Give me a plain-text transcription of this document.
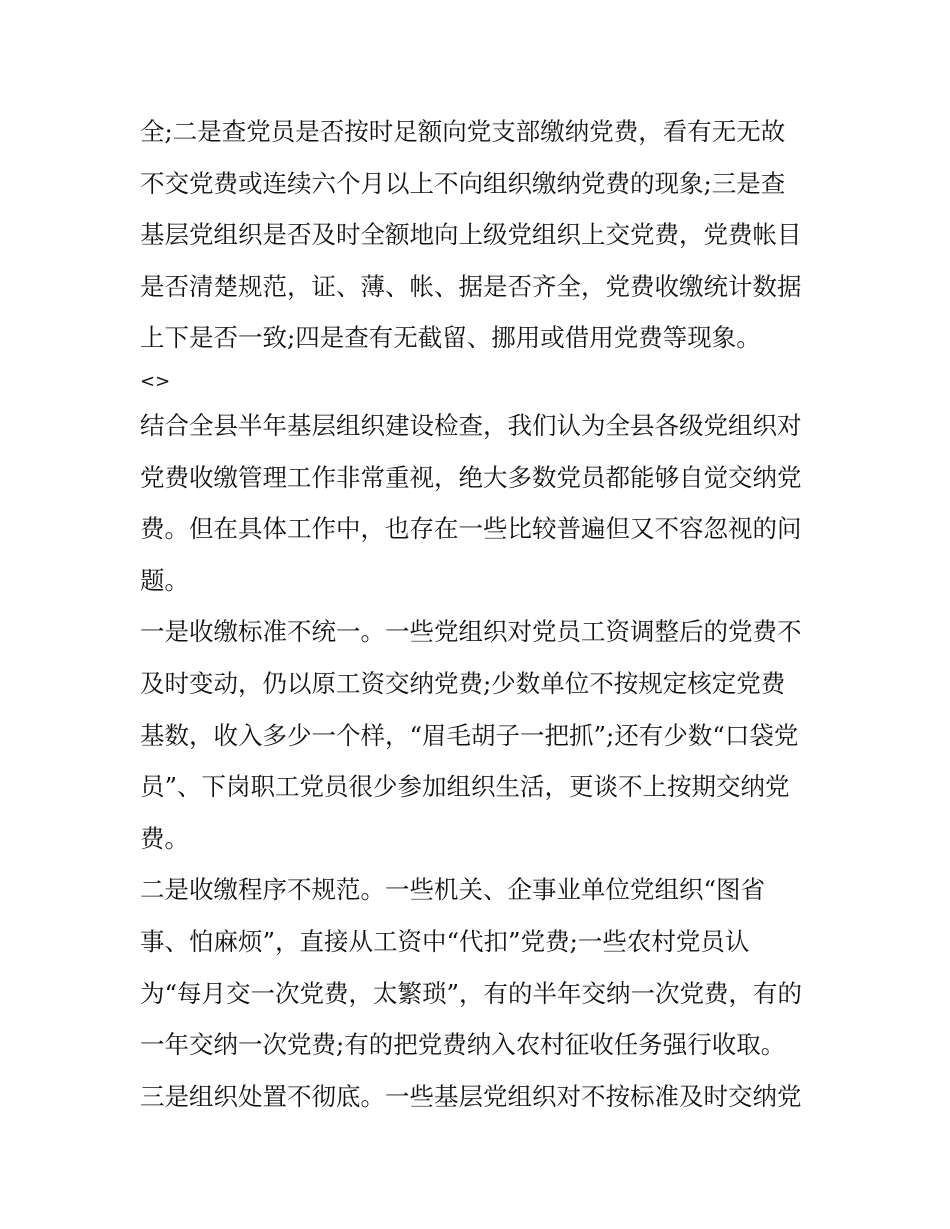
全;二是查党员是否按时足额向党支部缴纳党费，看有无无故
不交党费或连续六个月以上不向组织缴纳党费的现象;三是查
基层党组织是否及时全额地向上级党组织上交党费，党费帐目
是否清楚规范，证、薄、帐、据是否齐全，党费收缴统计数据
上下是否一致;四是查有无截留、挪用或借用党费等现象。
<>
结合全县半年基层组织建设检查，我们认为全县各级党组织对
党费收缴管理工作非常重视，绝大多数党员都能够自觉交纳党
费。但在具体工作中，也存在一些比较普遍但又不容忽视的问
题。
一是收缴标准不统一。一些党组织对党员工资调整后的党费不
及时变动，仍以原工资交纳党费;少数单位不按规定核定党费
基数，收入多少一个样，“眉毛胡子一把抓”;还有少数“口袋党
员”、下岗职工党员很少参加组织生活，更谈不上按期交纳党
费。
二是收缴程序不规范。一些机关、企事业单位党组织“图省
事、怕麻烦”，直接从工资中“代扣”党费;一些农村党员认
为“每月交一次党费，太繁琐”，有的半年交纳一次党费，有的
一年交纳一次党费;有的把党费纳入农村征收任务强行收取。
三是组织处置不彻底。一些基层党组织对不按标准及时交纳党
